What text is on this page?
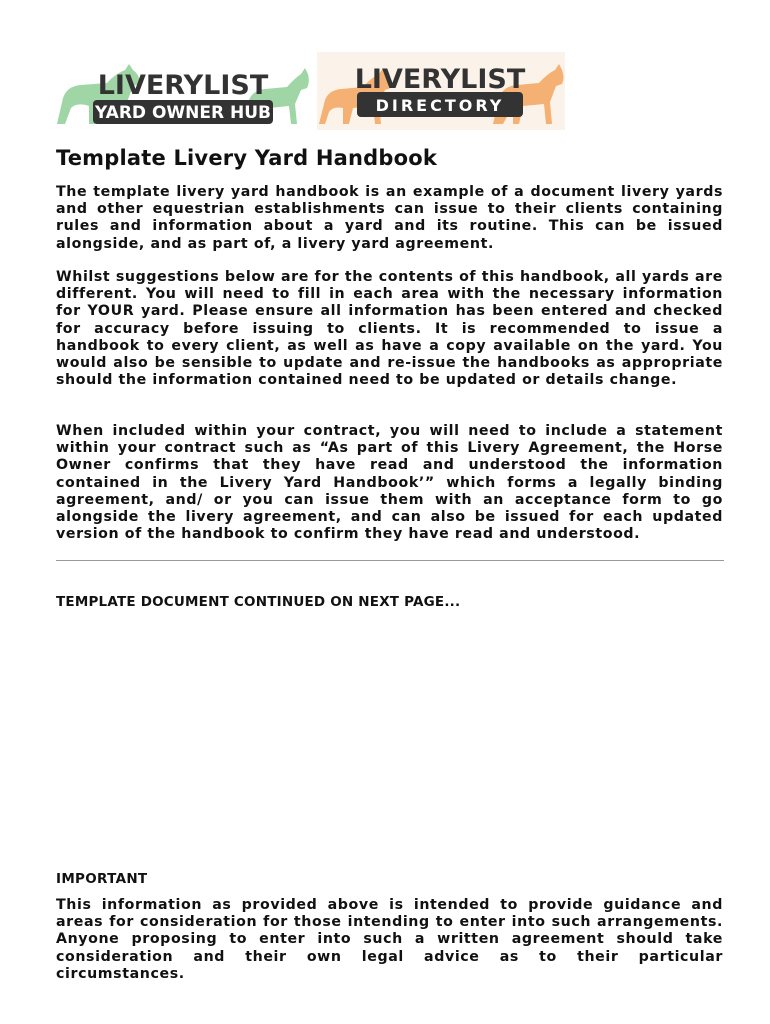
YARD OWNER HUB
LIVERYLIST
DIRECTORY
LIVERYLIST
Template Livery Yard Handbook

The template livery yard handbook is an example of a document livery yards and other equestrian establishments can issue to their clients containing rules and information about a yard and its routine. This can be issued alongside, and as part of, a livery yard agreement.

Whilst suggestions below are for the contents of this handbook, all yards are different. You will need to fill in each area with the necessary information for YOUR yard. Please ensure all information has been entered and checked for accuracy before issuing to clients. It is recommended to issue a handbook to every client, as well as have a copy available on the yard. You would also be sensible to update and re-issue the handbooks as appropriate should the information contained need to be updated or details change.

When included within your contract, you will need to include a statement within your contract such as “As part of this Livery Agreement, the Horse Owner confirms that they have read and understood the information contained in the Livery Yard Handbook’” which forms a legally binding agreement, and/ or you can issue them with an acceptance form to go alongside the livery agreement, and can also be issued for each updated version of the handbook to confirm they have read and understood.

TEMPLATE DOCUMENT CONTINUED ON NEXT PAGE...

IMPORTANT

This information as provided above is intended to provide guidance and areas for consideration for those intending to enter into such arrangements. Anyone proposing to enter into such a written agreement should take consideration and their own legal advice as to their particular circumstances.
